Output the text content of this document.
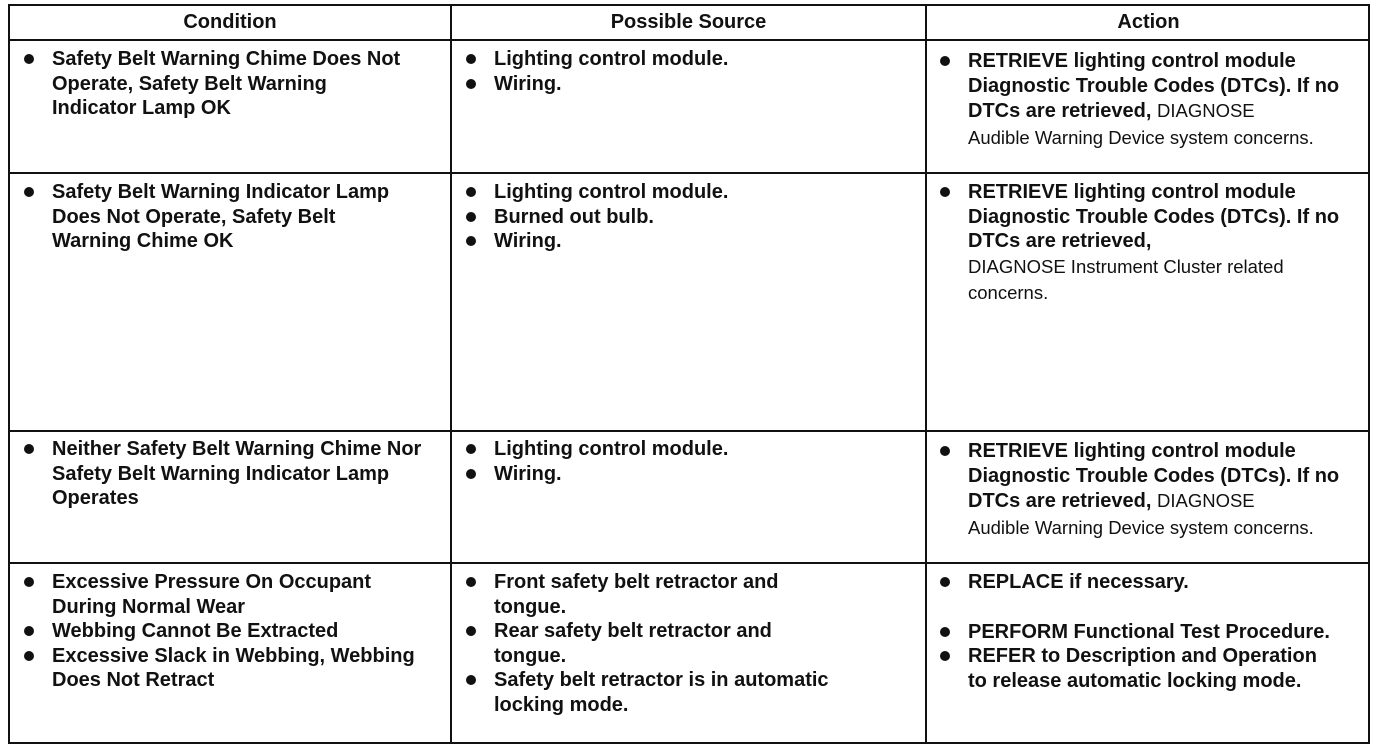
Condition	Possible Source	Action
Safety Belt Warning Chime Does Not Operate, Safety Belt Warning Indicator Lamp OK
Lighting control module.
Wiring.
RETRIEVE lighting control module Diagnostic Trouble Codes (DTCs). If no DTCs are retrieved, DIAGNOSE
Audible Warning Device system concerns.
Safety Belt Warning Indicator Lamp Does Not Operate, Safety Belt Warning Chime OK
Lighting control module.
Burned out bulb.
Wiring.
RETRIEVE lighting control module Diagnostic Trouble Codes (DTCs). If no DTCs are retrieved,
DIAGNOSE Instrument Cluster related concerns.
Neither Safety Belt Warning Chime Nor Safety Belt Warning Indicator Lamp Operates
Lighting control module.
Wiring.
RETRIEVE lighting control module Diagnostic Trouble Codes (DTCs). If no DTCs are retrieved, DIAGNOSE
Audible Warning Device system concerns.
Excessive Pressure On Occupant During Normal Wear
Webbing Cannot Be Extracted
Excessive Slack in Webbing, Webbing Does Not Retract
Front safety belt retractor and tongue.
Rear safety belt retractor and tongue.
Safety belt retractor is in automatic locking mode.
REPLACE if necessary.
PERFORM Functional Test Procedure.
REFER to Description and Operation to release automatic locking mode.
